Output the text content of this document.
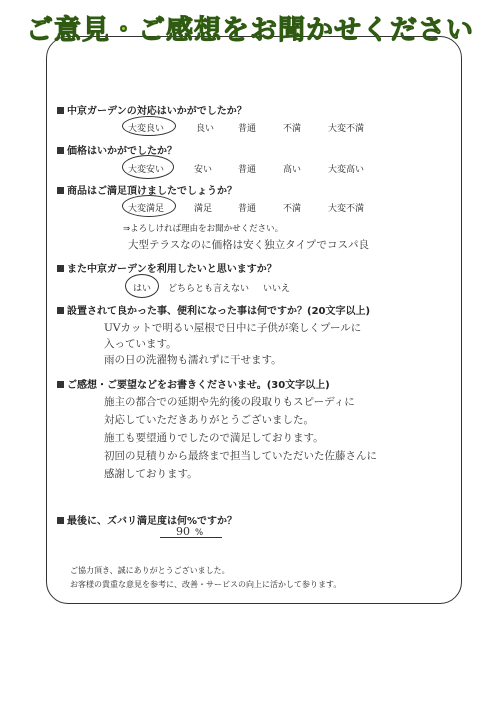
ご意見・ご感想をお聞かせください
中京ガーデンの対応はいかがでしたか？
大変良い	良い	普通	不満	大変不満
価格はいかがでしたか？
大変安い	安い	普通	高い	大変高い
商品はご満足頂けましたでしょうか？
大変満足	満足	普通	不満	大変不満
⇒よろしければ理由をお聞かせください。
大型テラスなのに価格は安く独立タイプでコスパ良
また中京ガーデンを利用したいと思いますか？
はい どちらとも言えない いいえ
設置されて良かった事、便利になった事は何ですか？(20文字以上)
UVカットで明るい屋根で日中に子供が楽しくプールに
入っています。
雨の日の洗濯物も濡れずに干せます。
ご感想・ご要望などをお書きくださいませ。(30文字以上)
施主の都合での延期や先約後の段取りもスピーディに
対応していただきありがとうございました。
施工も要望通りでしたので満足しております。
初回の見積りから最終まで担当していただいた佐藤さんに
感謝しております。
最後に、ズバリ満足度は何%ですか？
90 %
ご協力頂き、誠にありがとうございました。
お客様の貴重な意見を参考に、改善・サービスの向上に活かして参ります。
